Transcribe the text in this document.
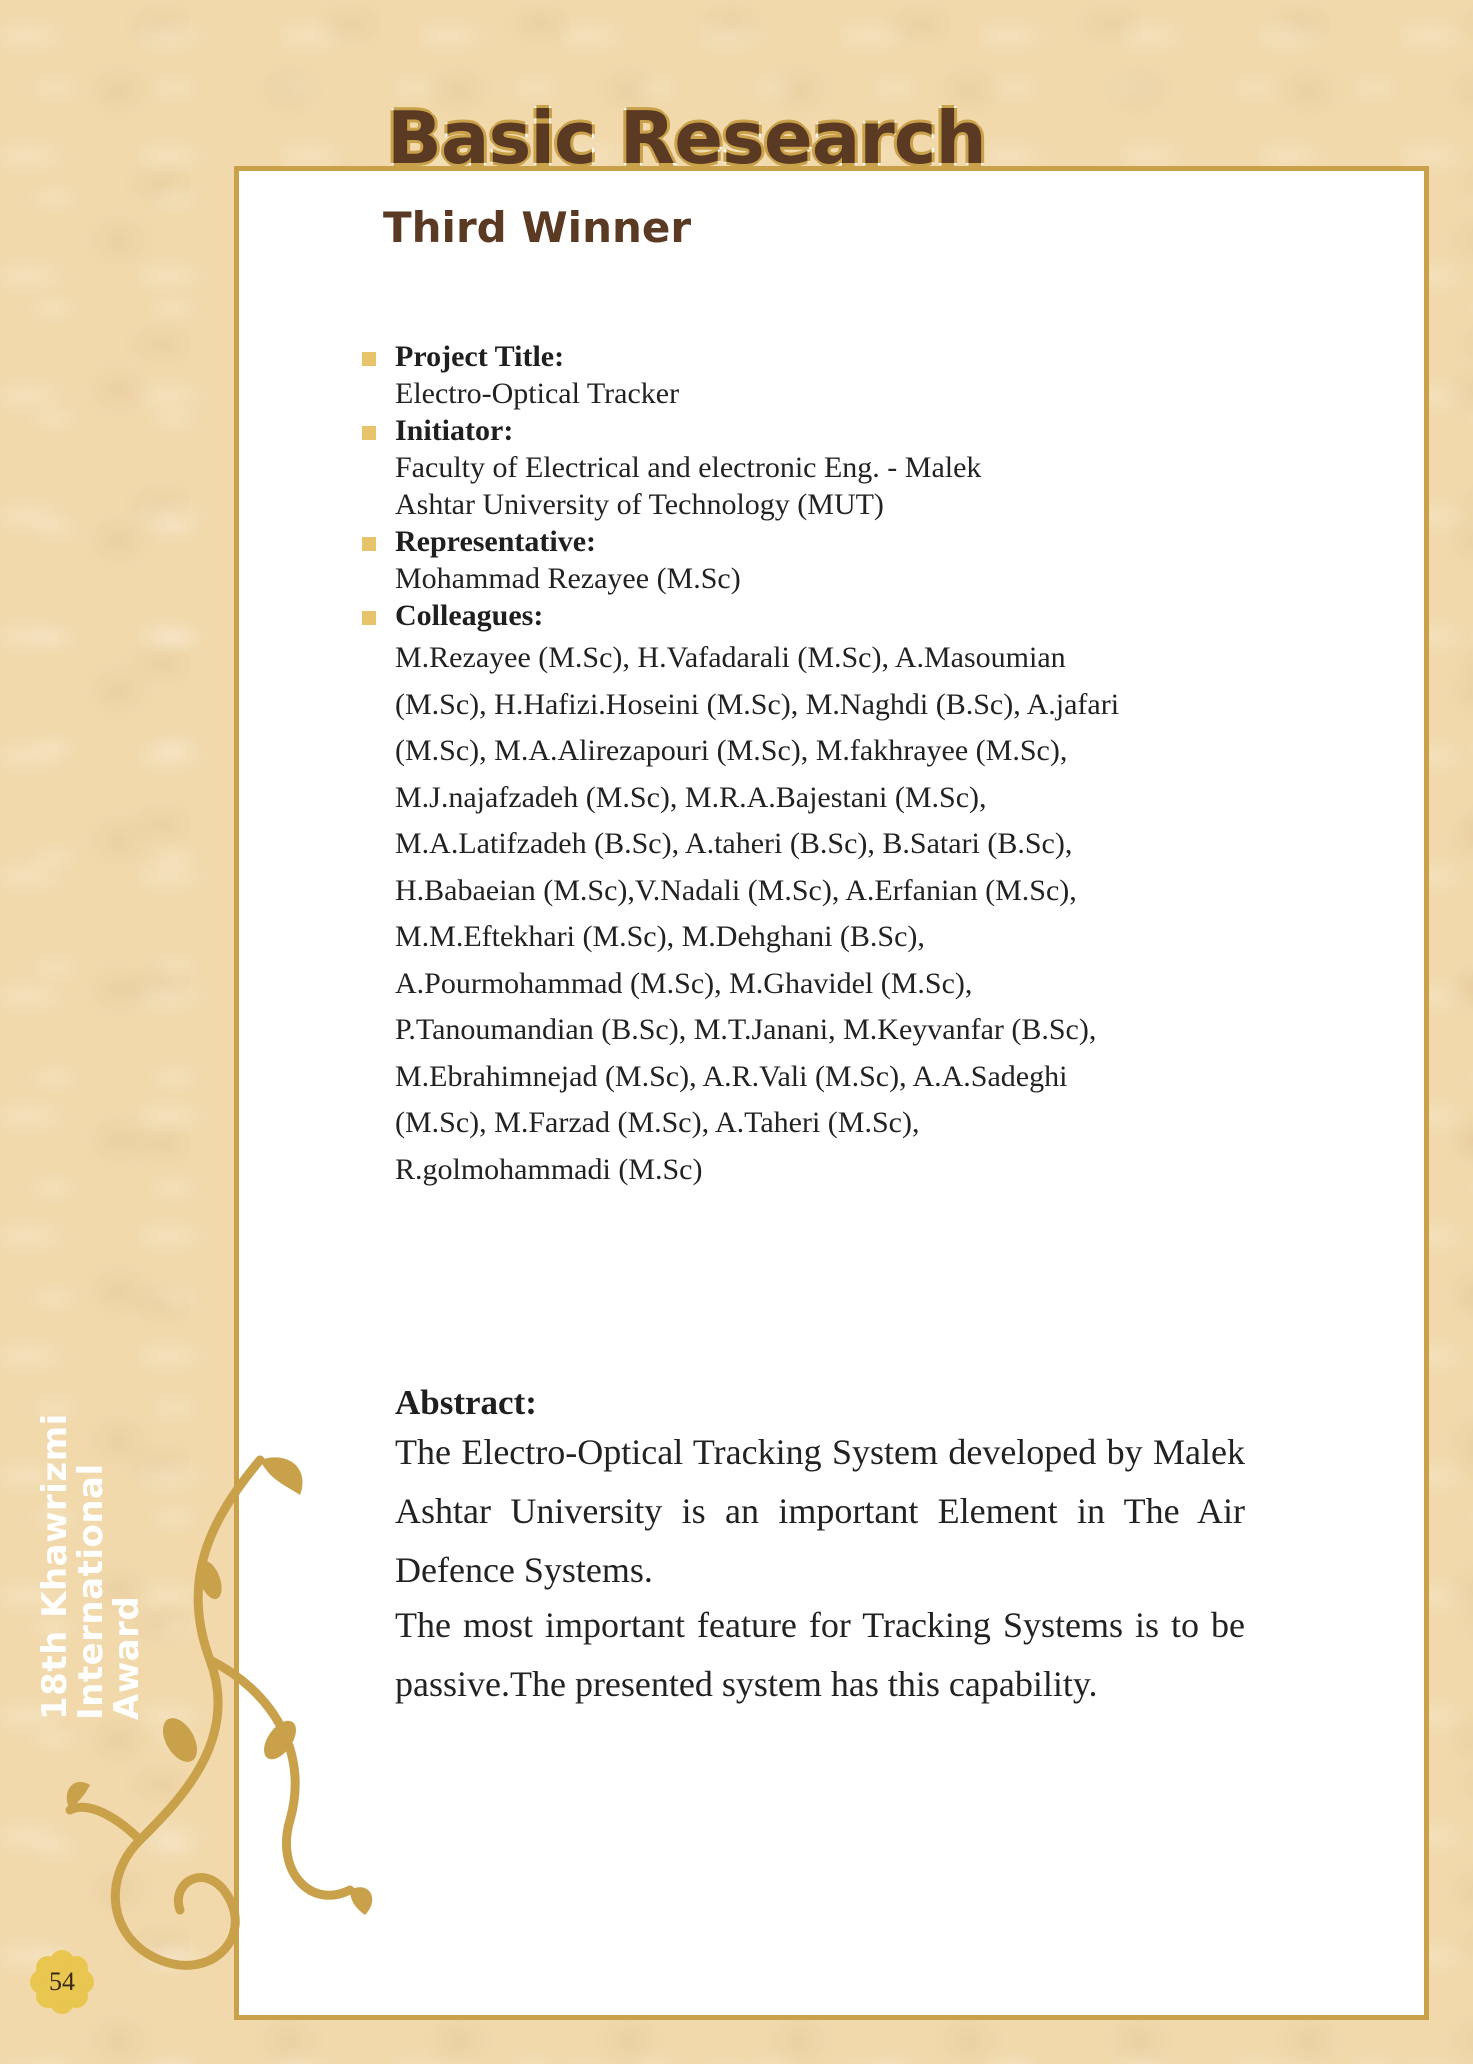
Basic Research
Third Winner
Project Title:
Electro-Optical Tracker
Initiator:
Faculty of Electrical and electronic Eng. - Malek
Ashtar University of Technology (MUT)
Representative:
Mohammad Rezayee (M.Sc)
Colleagues:
M.Rezayee (M.Sc), H.Vafadarali (M.Sc), A.Masoumian
(M.Sc), H.Hafizi.Hoseini (M.Sc), M.Naghdi (B.Sc), A.jafari
(M.Sc), M.A.Alirezapouri (M.Sc), M.fakhrayee (M.Sc),
M.J.najafzadeh (M.Sc), M.R.A.Bajestani (M.Sc),
M.A.Latifzadeh (B.Sc), A.taheri (B.Sc), B.Satari (B.Sc),
H.Babaeian (M.Sc),V.Nadali (M.Sc), A.Erfanian (M.Sc),
M.M.Eftekhari (M.Sc), M.Dehghani (B.Sc),
A.Pourmohammad (M.Sc), M.Ghavidel (M.Sc),
P.Tanoumandian (B.Sc), M.T.Janani, M.Keyvanfar (B.Sc),
M.Ebrahimnejad (M.Sc), A.R.Vali (M.Sc), A.A.Sadeghi
(M.Sc), M.Farzad (M.Sc), A.Taheri (M.Sc),
R.golmohammadi (M.Sc)
Abstract:

The Electro-Optical Tracking System developed by Malek Ashtar University is an important Element in The Air Defence Systems.

The most important feature for Tracking Systems is to be passive.The presented system has this capability.

18th Khawrizmi
International Award
54
